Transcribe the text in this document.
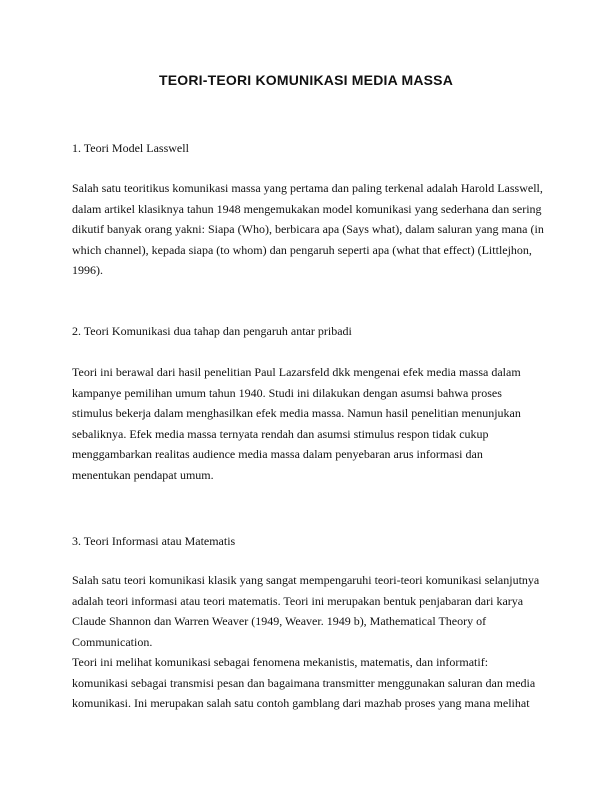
TEORI-TEORI KOMUNIKASI MEDIA MASSA

1. Teori Model Lasswell

Salah satu teoritikus komunikasi massa yang pertama dan paling terkenal adalah Harold Lasswell, dalam artikel klasiknya tahun 1948 mengemukakan model komunikasi yang sederhana dan sering dikutif banyak orang yakni: Siapa (Who), berbicara apa (Says what), dalam saluran yang mana (in which channel), kepada siapa (to whom) dan pengaruh seperti apa (what that effect) (Littlejhon, 1996).

2. Teori Komunikasi dua tahap dan pengaruh antar pribadi

Teori ini berawal dari hasil penelitian Paul Lazarsfeld dkk mengenai efek media massa dalam kampanye pemilihan umum tahun 1940. Studi ini dilakukan dengan asumsi bahwa proses stimulus bekerja dalam menghasilkan efek media massa. Namun hasil penelitian menunjukan sebaliknya. Efek media massa ternyata rendah dan asumsi stimulus respon tidak cukup menggambarkan realitas audience media massa dalam penyebaran arus informasi dan menentukan pendapat umum.

3. Teori Informasi atau Matematis

Salah satu teori komunikasi klasik yang sangat mempengaruhi teori-teori komunikasi selanjutnya adalah teori informasi atau teori matematis. Teori ini merupakan bentuk penjabaran dari karya Claude Shannon dan Warren Weaver (1949, Weaver. 1949 b), Mathematical Theory of Communication.

Teori ini melihat komunikasi sebagai fenomena mekanistis, matematis, dan informatif: komunikasi sebagai transmisi pesan dan bagaimana transmitter menggunakan saluran dan media komunikasi. Ini merupakan salah satu contoh gamblang dari mazhab proses yang mana melihat
